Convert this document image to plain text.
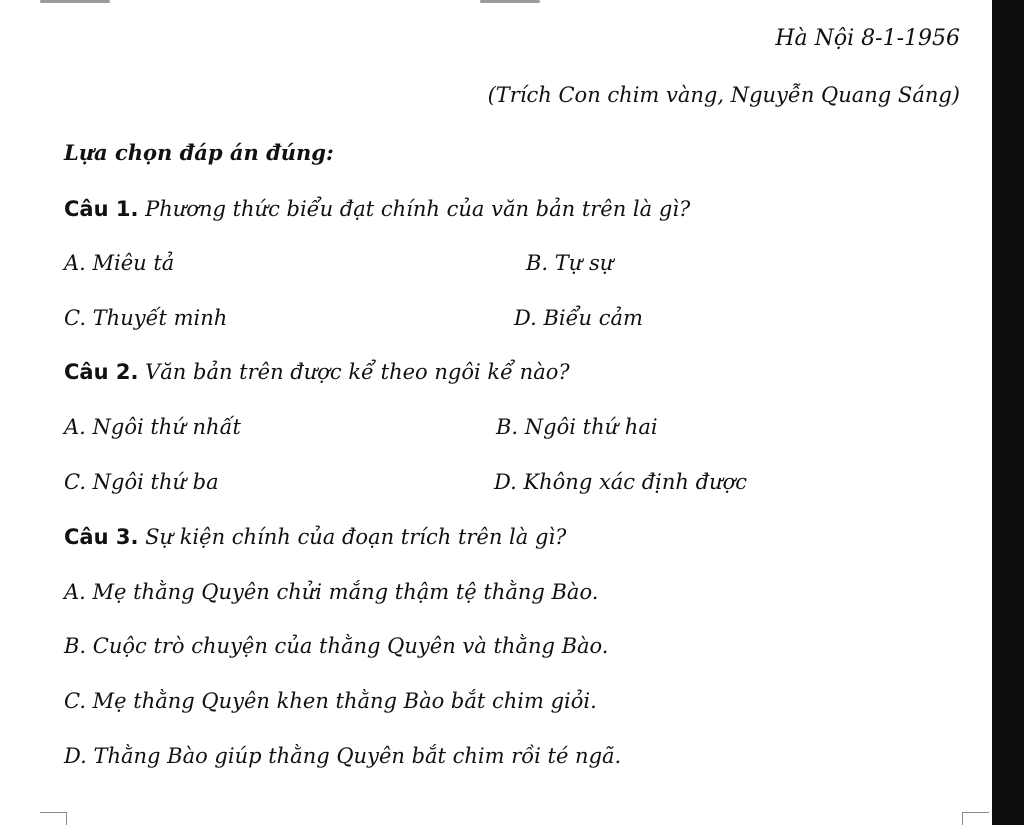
Hà Nội 8-1-1956
(Trích Con chim vàng, Nguyễn Quang Sáng)
Lựa chọn đáp án đúng:
Câu 1. Phương thức biểu đạt chính của văn bản trên là gì?
A. Miêu tả	B. Tự sự
C. Thuyết minh	D. Biểu cảm
Câu 2. Văn bản trên được kể theo ngôi kể nào?
A. Ngôi thứ nhất	B. Ngôi thứ hai
C. Ngôi thứ ba	D. Không xác định được
Câu 3. Sự kiện chính của đoạn trích trên là gì?
A. Mẹ thằng Quyên chửi mắng thậm tệ thằng Bào.
B. Cuộc trò chuyện của thằng Quyên và thằng Bào.
C. Mẹ thằng Quyên khen thằng Bào bắt chim giỏi.
D. Thằng Bào giúp thằng Quyên bắt chim rồi té ngã.
